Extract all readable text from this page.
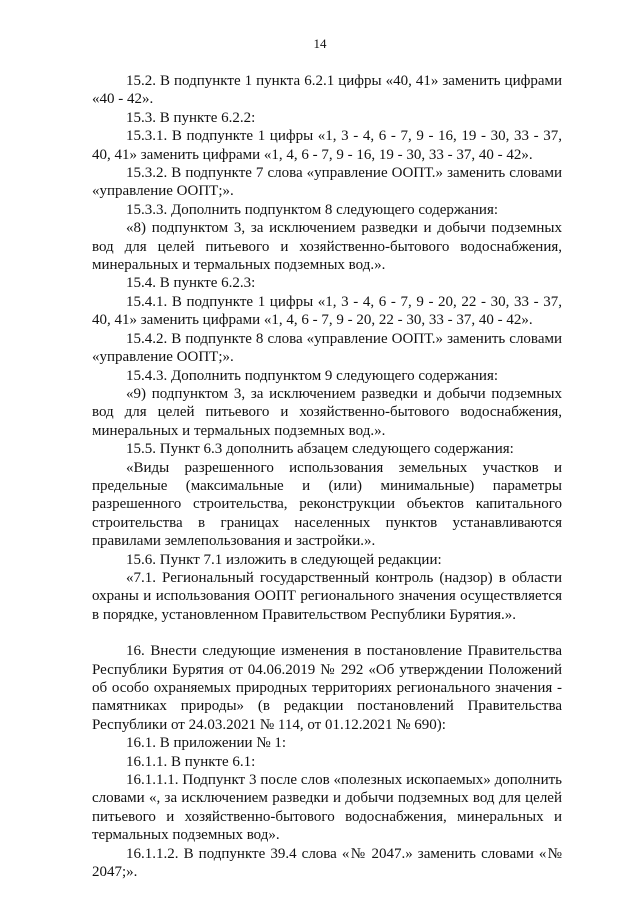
14

15.2. В подпункте 1 пункта 6.2.1 цифры «40, 41» заменить цифрами «40 - 42».

15.3. В пункте 6.2.2:

15.3.1. В подпункте 1 цифры «1, 3 - 4, 6 - 7, 9 - 16, 19 - 30, 33 - 37, 40, 41» заменить цифрами «1, 4, 6 - 7, 9 - 16, 19 - 30, 33 - 37, 40 - 42».

15.3.2. В подпункте 7 слова «управление ООПТ.» заменить словами «управление ООПТ;».

15.3.3. Дополнить подпунктом 8 следующего содержания:

«8) подпунктом 3, за исключением разведки и добычи подземных вод для целей питьевого и хозяйственно-бытового водоснабжения, минеральных и термальных подземных вод.».

15.4. В пункте 6.2.3:

15.4.1. В подпункте 1 цифры «1, 3 - 4, 6 - 7, 9 - 20, 22 - 30, 33 - 37, 40, 41» заменить цифрами «1, 4, 6 - 7, 9 - 20, 22 - 30, 33 - 37, 40 - 42».

15.4.2. В подпункте 8 слова «управление ООПТ.» заменить словами «управление ООПТ;».

15.4.3. Дополнить подпунктом 9 следующего содержания:

«9) подпунктом 3, за исключением разведки и добычи подземных вод для целей питьевого и хозяйственно-бытового водоснабжения, минеральных и термальных подземных вод.».

15.5. Пункт 6.3 дополнить абзацем следующего содержания:

«Виды разрешенного использования земельных участков и предельные (максимальные и (или) минимальные) параметры разрешенного строительства, реконструкции объектов капитального строительства в границах населенных пунктов устанавливаются правилами землепользования и застройки.».

15.6. Пункт 7.1 изложить в следующей редакции:

«7.1. Региональный государственный контроль (надзор) в области охраны и использования ООПТ регионального значения осуществляется в порядке, установленном Правительством Республики Бурятия.».

16. Внести следующие изменения в постановление Правительства Республики Бурятия от 04.06.2019 № 292 «Об утверждении Положений об особо охраняемых природных территориях регионального значения - памятниках природы» (в редакции постановлений Правительства Республики от 24.03.2021 № 114, от 01.12.2021 № 690):

16.1. В приложении № 1:

16.1.1. В пункте 6.1:

16.1.1.1. Подпункт 3 после слов «полезных ископаемых» дополнить словами «, за исключением разведки и добычи подземных вод для целей питьевого и хозяйственно-бытового водоснабжения, минеральных и термальных подземных вод».

16.1.1.2. В подпункте 39.4 слова «№ 2047.» заменить словами «№ 2047;».
